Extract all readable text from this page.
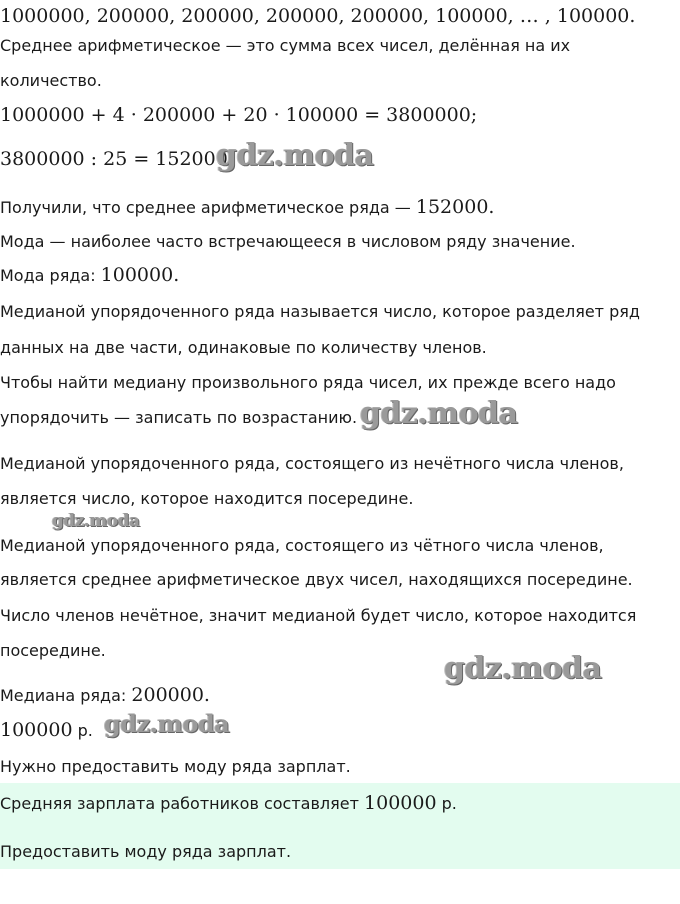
1000000, 200000, 200000, 200000, 200000, 100000, … , 100000.

Среднее арифметическое — это сумма всех чисел, делённая на их

количество.

1000000 + 4 · 200000 + 20 · 100000 = 3800000;

3800000 : 25 = 152000.

Получили, что среднее арифметическое ряда — 152000.

Мода — наиболее часто встречающееся в числовом ряду значение.

Мода ряда: 100000.

Медианой упорядоченного ряда называется число, которое разделяет ряд

данных на две части, одинаковые по количеству членов.

Чтобы найти медиану произвольного ряда чисел, их прежде всего надо

упорядочить — записать по возрастанию.

Медианой упорядоченного ряда, состоящего из нечётного числа членов,

является число, которое находится посередине.

Медианой упорядоченного ряда, состоящего из чётного числа членов,

является среднее арифметическое двух чисел, находящихся посередине.

Число членов нечётное, значит медианой будет число, которое находится

посередине.

Медиана ряда: 200000.

100000 р.

Нужно предоставить моду ряда зарплат.

Средняя зарплата работников составляет 100000 р.

Предоставить моду ряда зарплат.

gdz.moda
gdz.moda
gdz.moda
gdz.moda
gdz.moda
